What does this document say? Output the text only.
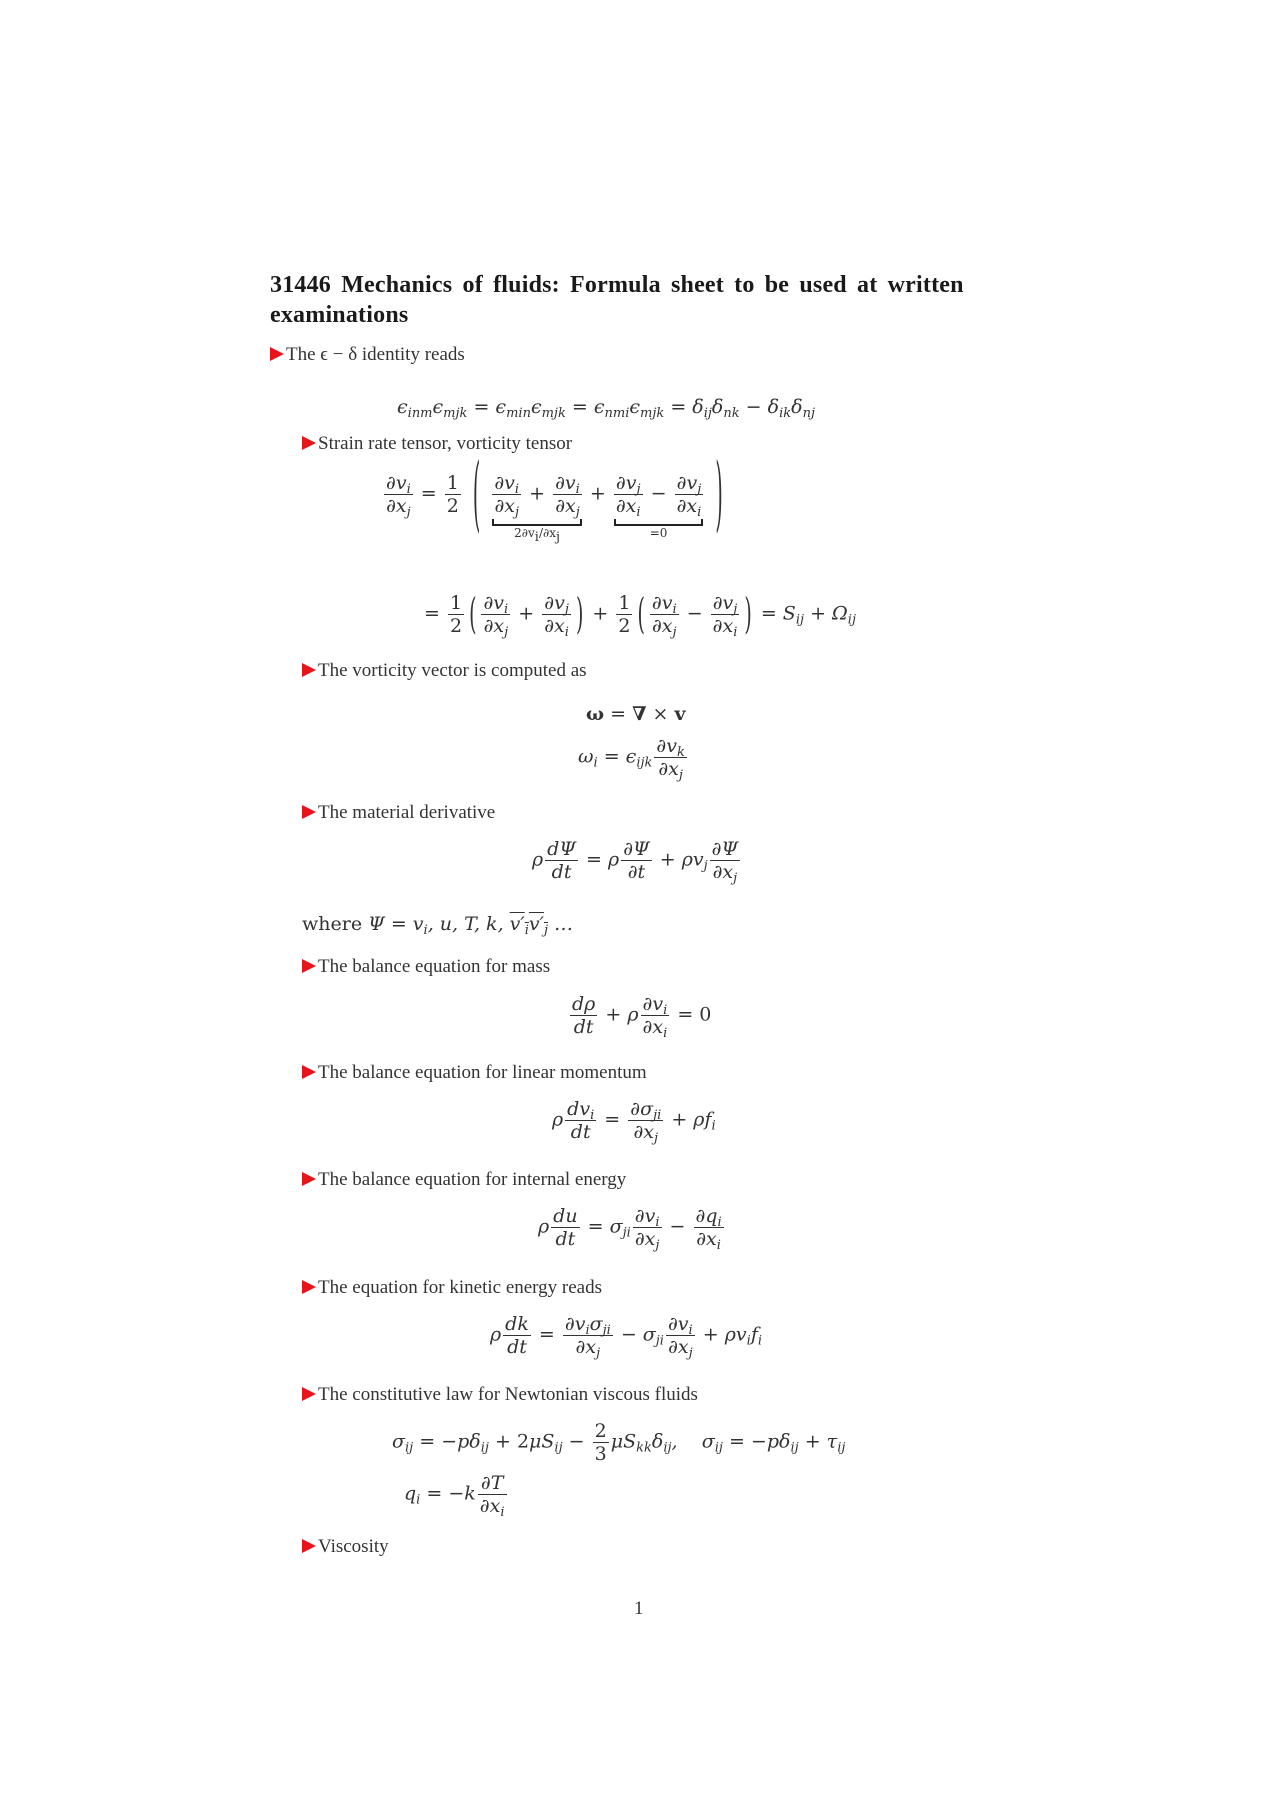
31446 Mechanics of fluids: Formula sheet to be used at written examinations
The ϵ − δ identity reads
$\epsilon_{inm}\epsilon_{mjk} = \epsilon_{min}\epsilon_{mjk} = \epsilon_{nmi}\epsilon_{mjk} = \delta_{ij}\delta_{nk} - \delta_{ik}\delta_{nj}$
Strain rate tensor, vorticity tensor
$\frac{\partial v_i}{\partial x_j} = \frac{1}{2}$ ( $\frac{\partial v_i}{\partial x_j} + \frac{\partial v_i}{\partial x_j}$
$2\partial v_i/\partial x_j$
+ $\frac{\partial v_j}{\partial x_i} - \frac{\partial v_j}{\partial x_i}$
=0	)
= $\frac{1}{2}$ ( $\frac{\partial v_i}{\partial x_j} + \frac{\partial v_j}{\partial x_i}$ ) + $\frac{1}{2}$ ( $\frac{\partial v_i}{\partial x_j} - \frac{\partial v_j}{\partial x_i}$ ) = $S_{ij} + \Omega_{ij}$
The vorticity vector is computed as
ω = ∇ × v
$\omega_i = \epsilon_{ijk} \frac{\partial v_k}{\partial x_j}$
The material derivative
ρ $\frac{d\Psi}{dt} = \rho \frac{\partial\Psi}{\partial t} + \rho v_j \frac{\partial\Psi}{\partial x_j}$
where $\Psi = v_i$, u, T, k, $v'_iv'_j$ …
The balance equation for mass
$\frac{d\rho}{dt} + \rho \frac{\partial v_i}{\partial x_i} = 0$
The balance equation for linear momentum
ρ $\frac{dv_i}{dt} = \frac{\partial\sigma_{ji}}{\partial x_j} + \rho f_i$
The balance equation for internal energy
ρ $\frac{du}{dt} = \sigma_{ji} \frac{\partial v_i}{\partial x_j} - \frac{\partial q_i}{\partial x_i}$
The equation for kinetic energy reads
ρ $\frac{dk}{dt} = \frac{\partial v_i\sigma_{ji}}{\partial x_j} - \sigma_{ji} \frac{\partial v_i}{\partial x_j} + \rho v_if_i$
The constitutive law for Newtonian viscous fluids
$\sigma_{ij} = -p\delta_{ij} + 2\mu S_{ij} - \frac{2}{3} \mu S_{kk}\delta_{ij}$,    $\sigma_{ij} = -p\delta_{ij} + \tau_{ij}$
$q_i = -k \frac{\partial T}{\partial x_i}$
Viscosity
1
